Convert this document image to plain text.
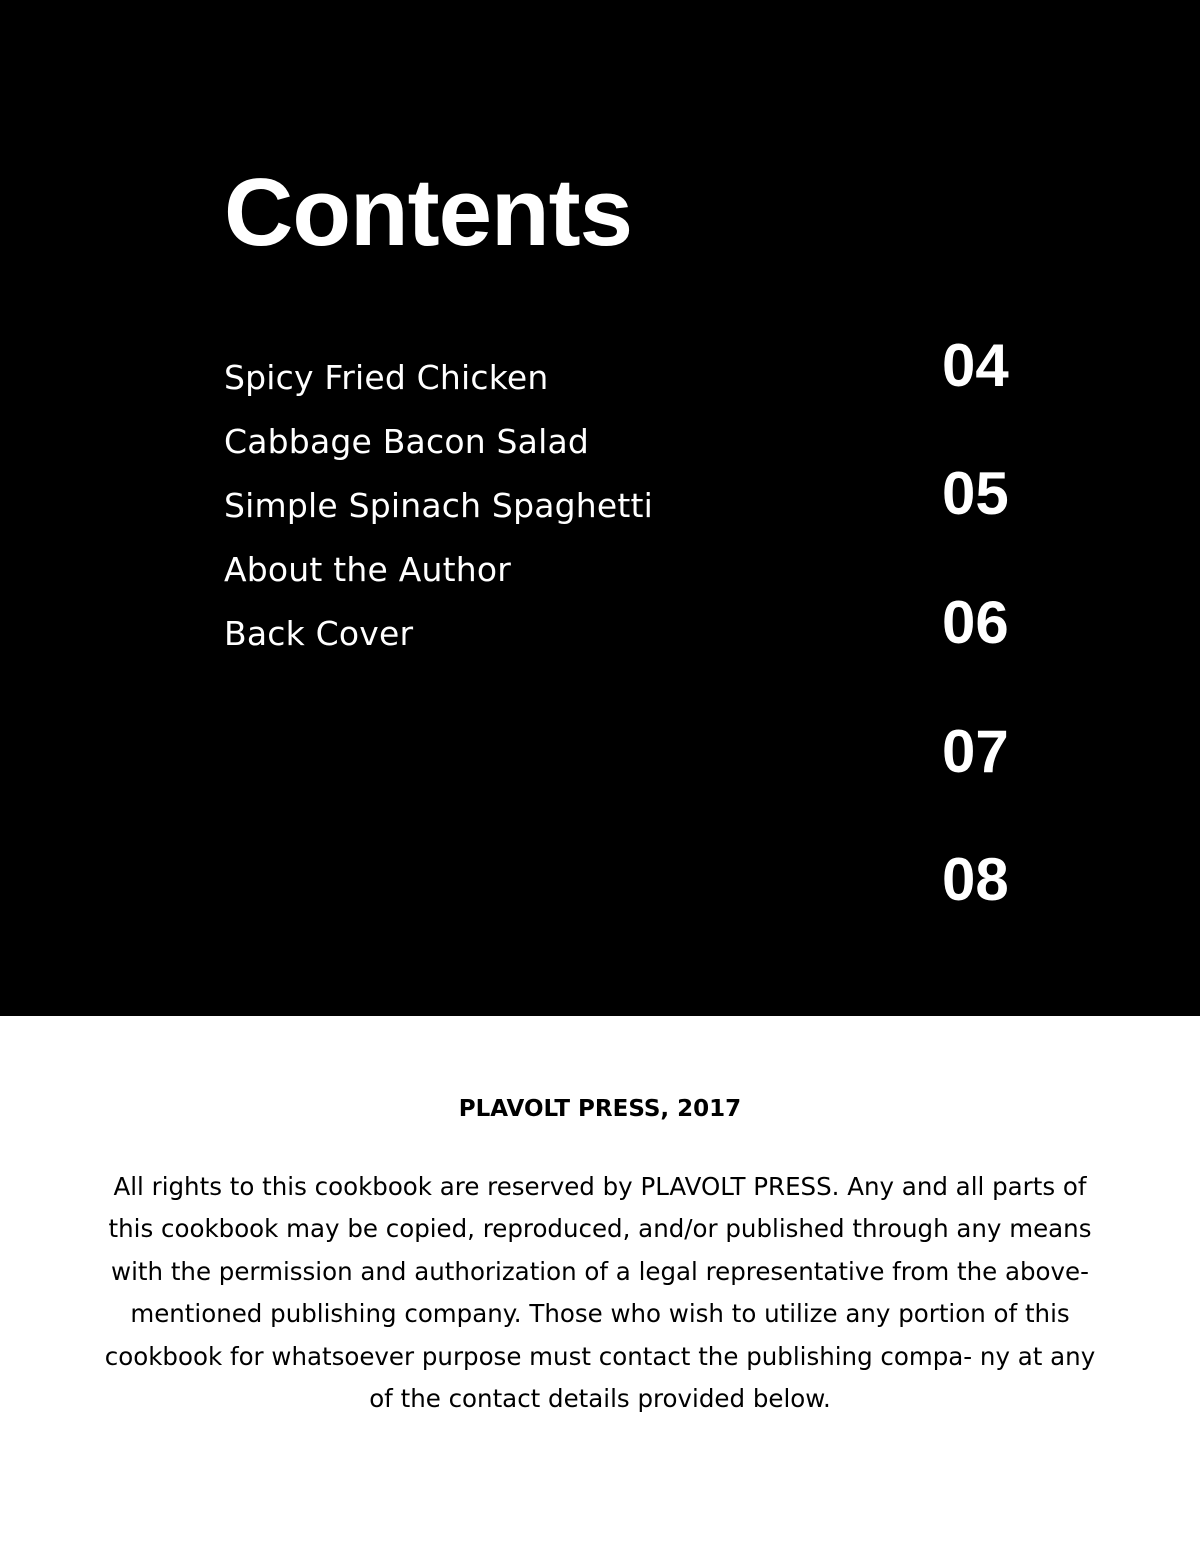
Contents
Spicy Fried Chicken
Cabbage Bacon Salad
Simple Spinach Spaghetti
About the Author
Back Cover
04
05
06
07
08
PLAVOLT PRESS, 2017

All rights to this cookbook are reserved by PLAVOLT PRESS. Any and all parts of this cookbook may be copied, reproduced, and/or published through any means with the permission and authorization of a legal representative from the above-mentioned publishing company. Those who wish to utilize any portion of this cookbook for whatsoever purpose must contact the publishing compa- ny at any of the contact details provided below.
